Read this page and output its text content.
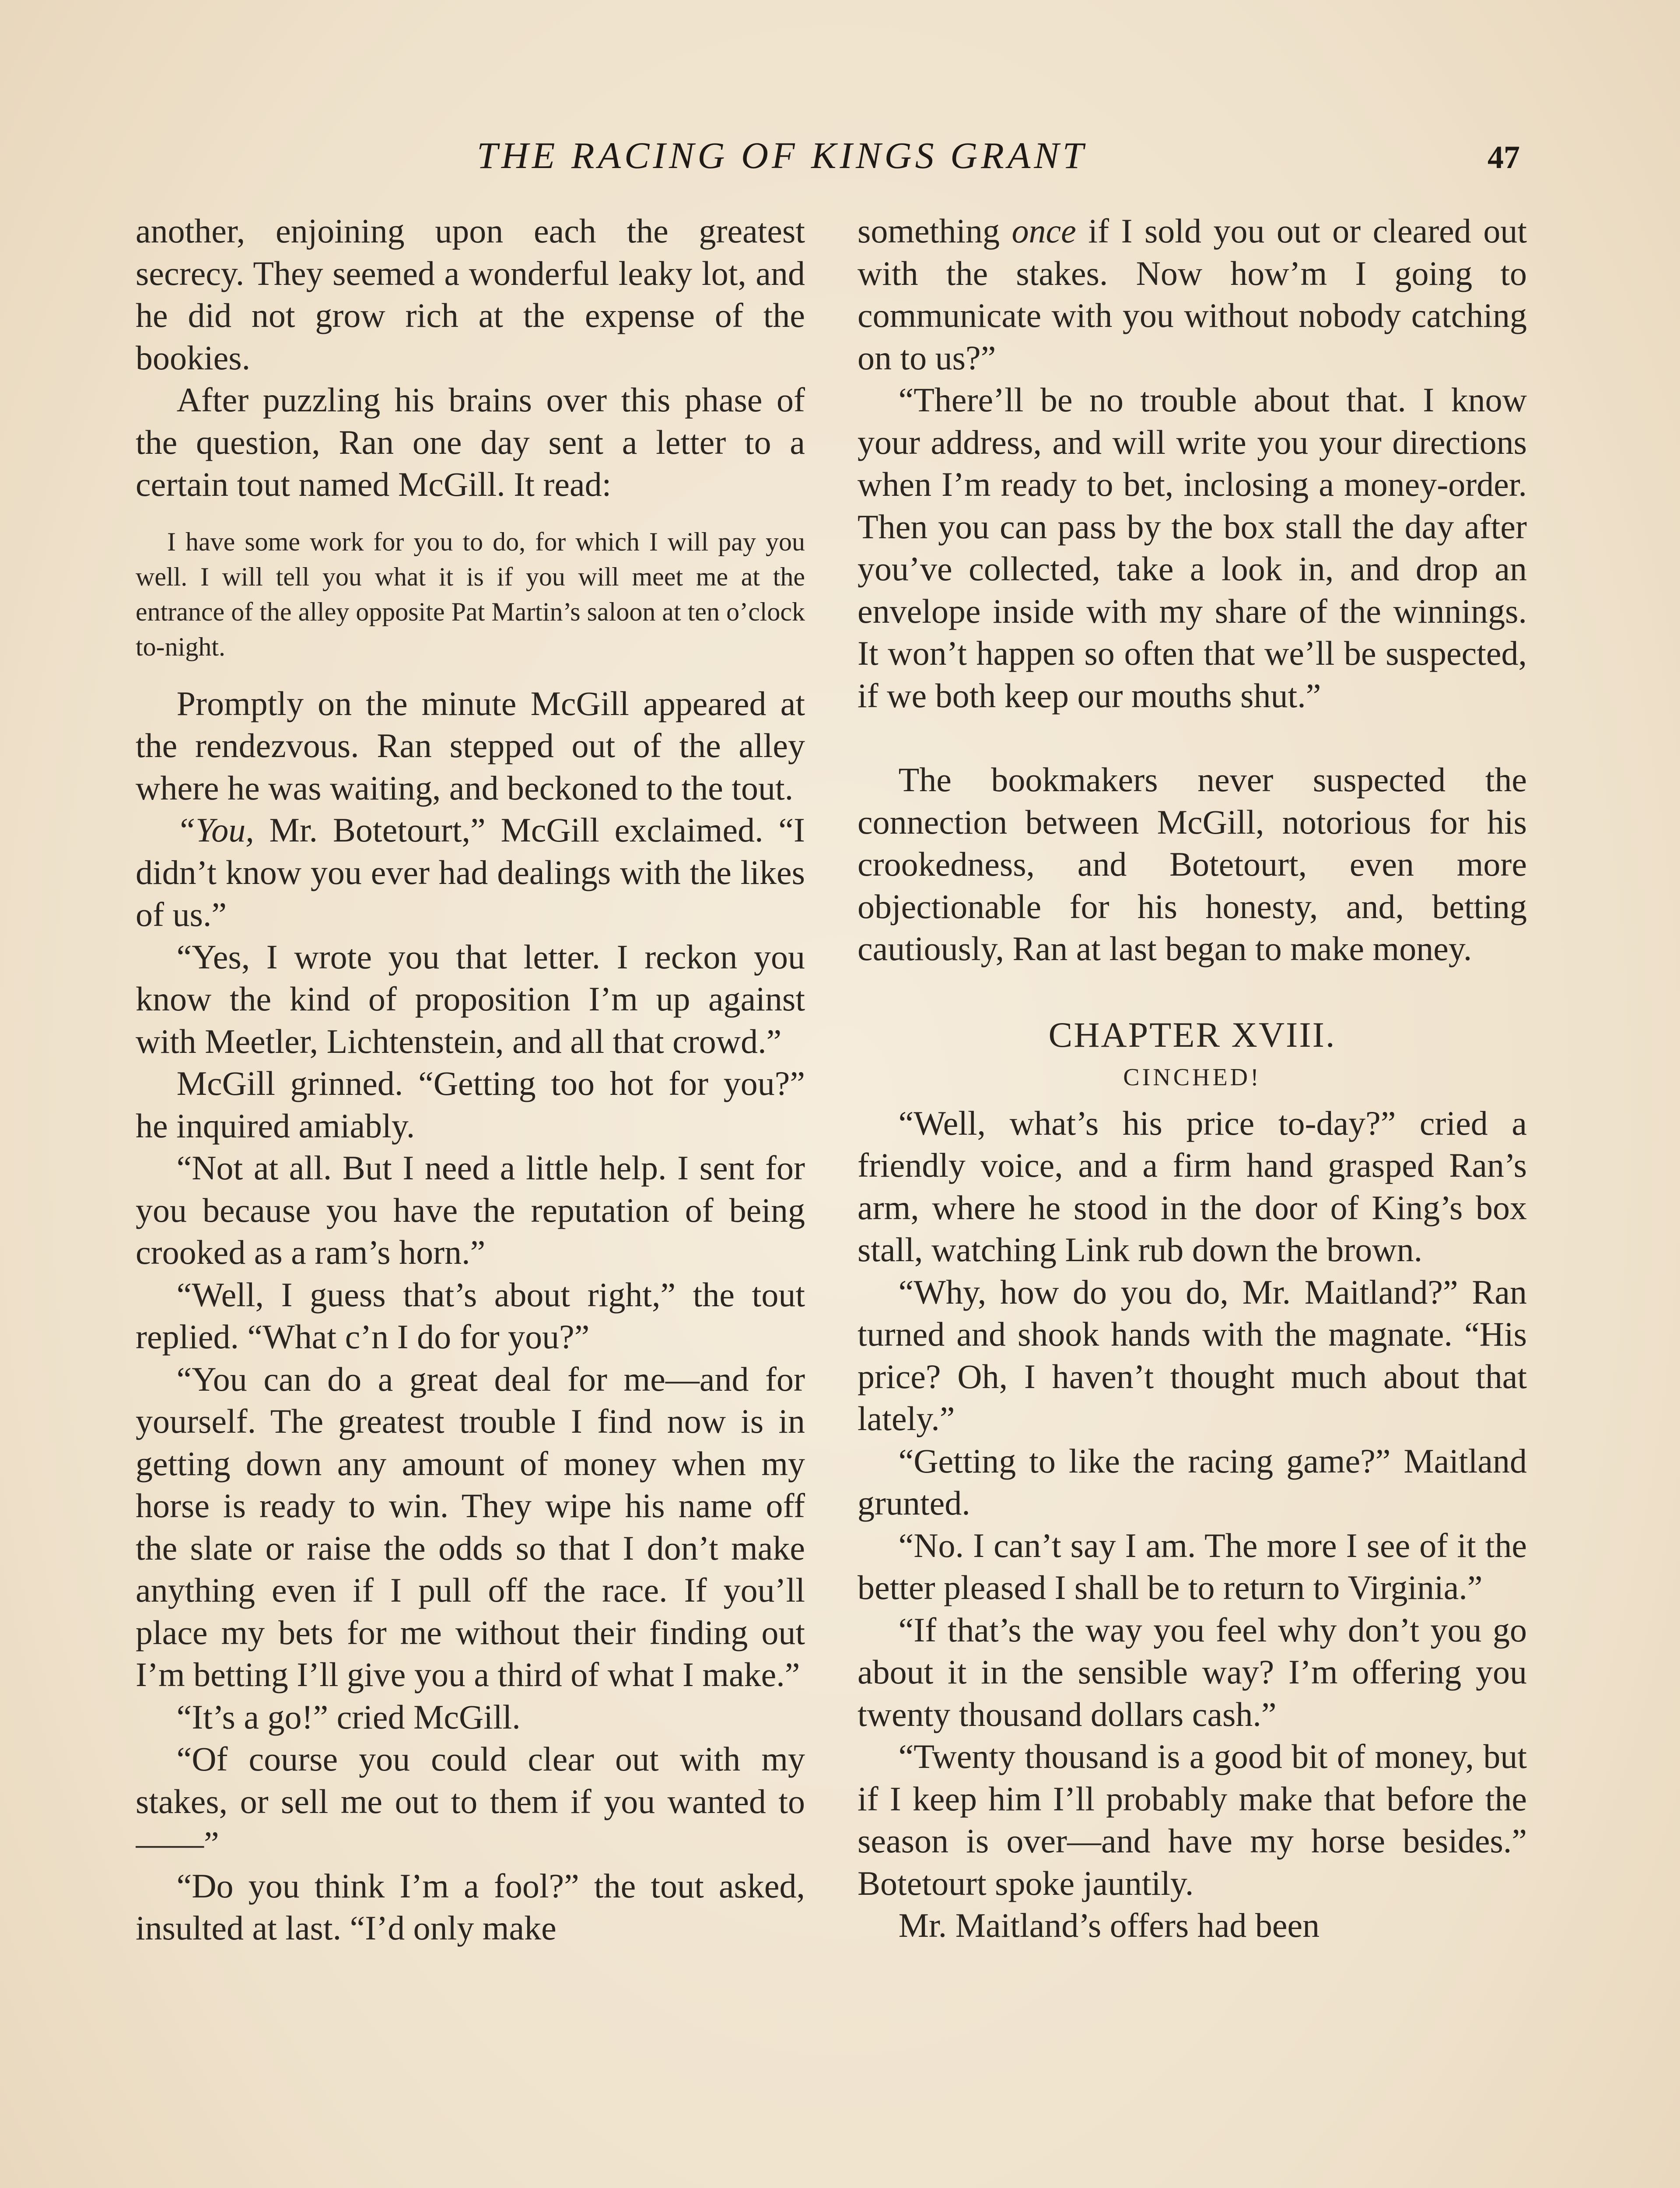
THE RACING OF KINGS GRANT	47

another, enjoining upon each the greatest secrecy. They seemed a wonderful leaky lot, and he did not grow rich at the expense of the bookies.

After puzzling his brains over this phase of the question, Ran one day sent a letter to a certain tout named McGill. It read:

I have some work for you to do, for which I will pay you well. I will tell you what it is if you will meet me at the entrance of the alley opposite Pat Martin’s saloon at ten o’clock to-night.

Promptly on the minute McGill appeared at the rendezvous. Ran stepped out of the alley where he was waiting, and beckoned to the tout.

“You, Mr. Botetourt,” McGill exclaimed. “I didn’t know you ever had dealings with the likes of us.”

“Yes, I wrote you that letter. I reckon you know the kind of proposition I’m up against with Meetler, Lichtenstein, and all that crowd.”

McGill grinned. “Getting too hot for you?” he inquired amiably.

“Not at all. But I need a little help. I sent for you because you have the reputation of being crooked as a ram’s horn.”

“Well, I guess that’s about right,” the tout replied. “What c’n I do for you?”

“You can do a great deal for me—and for yourself. The greatest trouble I find now is in getting down any amount of money when my horse is ready to win. They wipe his name off the slate or raise the odds so that I don’t make anything even if I pull off the race. If you’ll place my bets for me without their finding out I’m betting I’ll give you a third of what I make.”

“It’s a go!” cried McGill.

“Of course you could clear out with my stakes, or sell me out to them if you wanted to——”

“Do you think I’m a fool?” the tout asked, insulted at last. “I’d only make

something once if I sold you out or cleared out with the stakes. Now how’m I going to communicate with you without nobody catching on to us?”

“There’ll be no trouble about that. I know your address, and will write you your directions when I’m ready to bet, inclosing a money-order. Then you can pass by the box stall the day after you’ve collected, take a look in, and drop an envelope inside with my share of the winnings. It won’t happen so often that we’ll be suspected, if we both keep our mouths shut.”

The bookmakers never suspected the connection between McGill, notorious for his crookedness, and Botetourt, even more objectionable for his honesty, and, betting cautiously, Ran at last began to make money.

CHAPTER XVIII.
CINCHED!

“Well, what’s his price to-day?” cried a friendly voice, and a firm hand grasped Ran’s arm, where he stood in the door of King’s box stall, watching Link rub down the brown.

“Why, how do you do, Mr. Maitland?” Ran turned and shook hands with the magnate. “His price? Oh, I haven’t thought much about that lately.”

“Getting to like the racing game?” Maitland grunted.

“No. I can’t say I am. The more I see of it the better pleased I shall be to return to Virginia.”

“If that’s the way you feel why don’t you go about it in the sensible way? I’m offering you twenty thousand dollars cash.”

“Twenty thousand is a good bit of money, but if I keep him I’ll probably make that before the season is over—and have my horse besides.” Botetourt spoke jauntily.

Mr. Maitland’s offers had been
